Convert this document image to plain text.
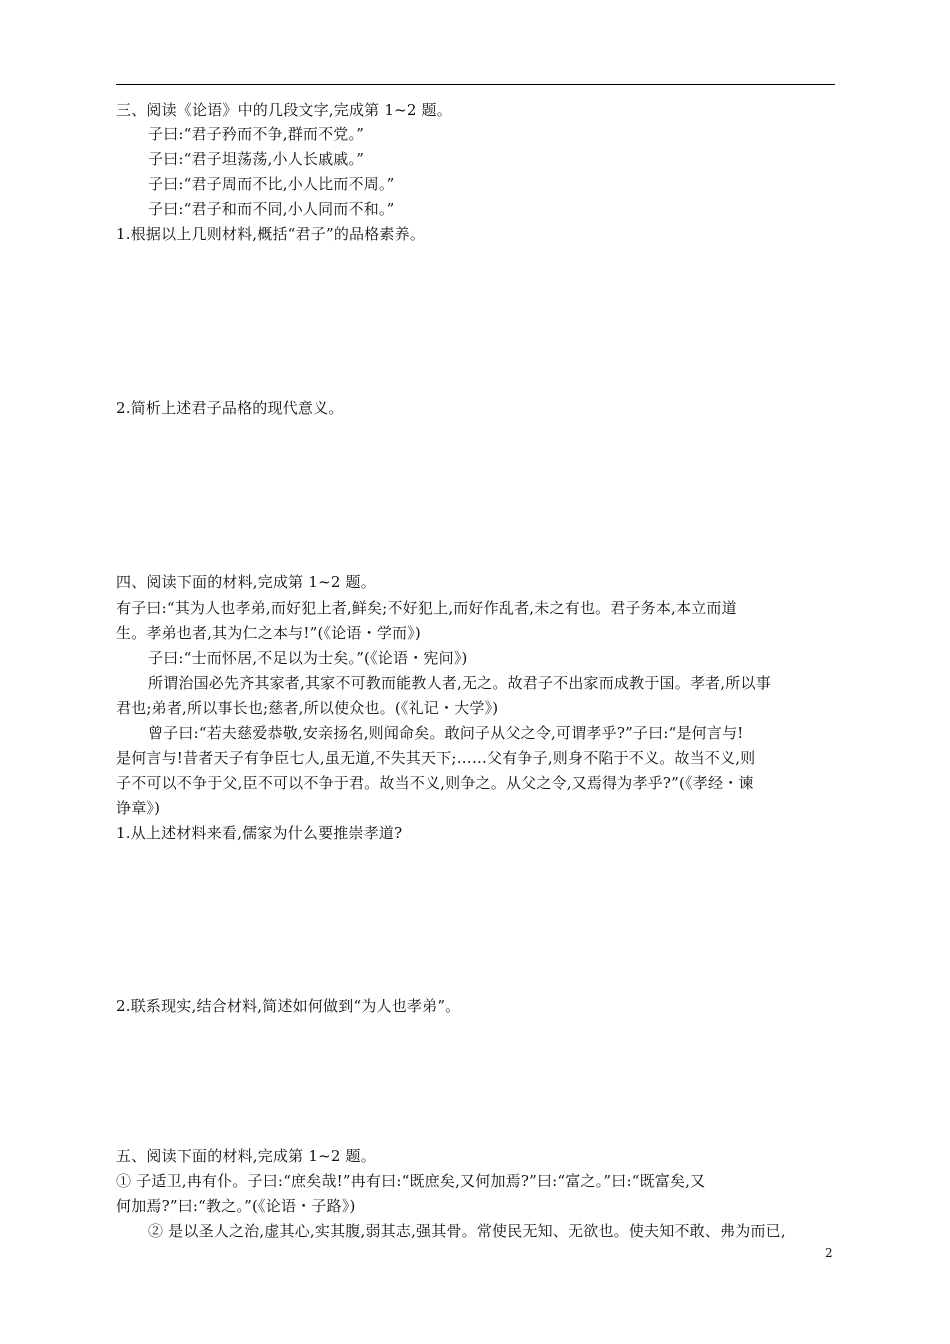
三、阅读《论语》中的几段文字,完成第 1~2 题。
子曰:“君子矜而不争,群而不党。”
子曰:“君子坦荡荡,小人长戚戚。”
子曰:“君子周而不比,小人比而不周。”
子曰:“君子和而不同,小人同而不和。”
1.根据以上几则材料,概括“君子”的品格素养。
2.简析上述君子品格的现代意义。
四、阅读下面的材料,完成第 1~2 题。
有子曰:“其为人也孝弟,而好犯上者,鲜矣;不好犯上,而好作乱者,未之有也。君子务本,本立而道
生。孝弟也者,其为仁之本与!”(《论语・学而》)
子曰:“士而怀居,不足以为士矣。”(《论语・宪问》)
所谓治国必先齐其家者,其家不可教而能教人者,无之。故君子不出家而成教于国。孝者,所以事
君也;弟者,所以事长也;慈者,所以使众也。(《礼记・大学》)
曾子曰:“若夫慈爱恭敬,安亲扬名,则闻命矣。敢问子从父之令,可谓孝乎?”子曰:“是何言与!
是何言与!昔者天子有争臣七人,虽无道,不失其天下;……父有争子,则身不陷于不义。故当不义,则
子不可以不争于父,臣不可以不争于君。故当不义,则争之。从父之令,又焉得为孝乎?”(《孝经・谏
诤章》)
1.从上述材料来看,儒家为什么要推崇孝道?
2.联系现实,结合材料,简述如何做到“为人也孝弟”。
五、阅读下面的材料,完成第 1~2 题。
① 子适卫,冉有仆。子曰:“庶矣哉!”冉有曰:“既庶矣,又何加焉?”曰:“富之。”曰:“既富矣,又
何加焉?”曰:“教之。”(《论语・子路》)
② 是以圣人之治,虚其心,实其腹,弱其志,强其骨。常使民无知、无欲也。使夫知不敢、弗为而已,
2
